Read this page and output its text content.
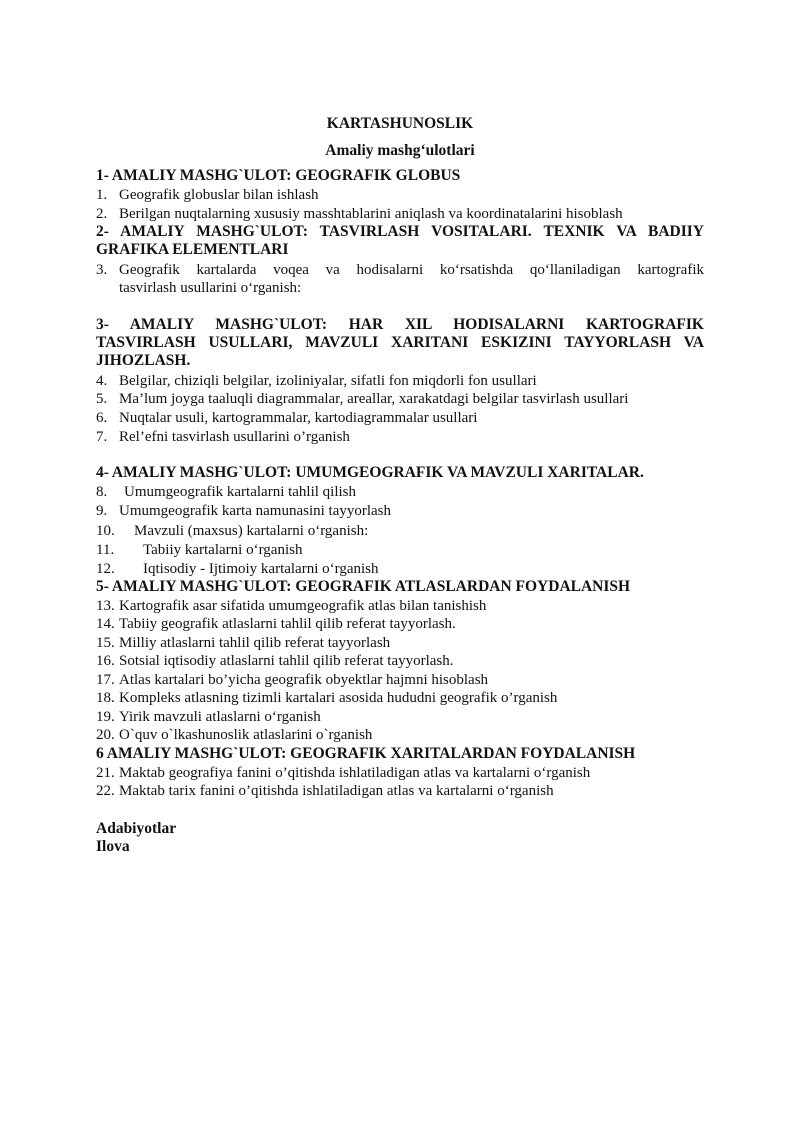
KARTASHUNOSLIK
Amaliy mashg‘ulotlari
1- AMALIY MASHG`ULOT: GEOGRAFIK GLOBUS
1. Geografik globuslar bilan ishlash
2. Berilgan nuqtalarning xususiy masshtablarini aniqlash va koordinatalarini hisoblash
2- AMALIY MASHG`ULOT: TASVIRLASH VOSITALARI. TEXNIK VA BADIIY
GRAFIKA ELEMENTLARI
3. Geografik kartalarda voqea va hodisalarni ko‘rsatishda qo‘llaniladigan kartografik
tasvirlash usullarini o‘rganish:
3- AMALIY MASHG`ULOT: HAR XIL HODISALARNI KARTOGRAFIK
TASVIRLASH USULLARI, MAVZULI XARITANI ESKIZINI TAYYORLASH VA
JIHOZLASH.
4. Belgilar, chiziqli belgilar, izoliniyalar, sifatli fon miqdorli fon usullari
5. Ma’lum joyga taaluqli diagrammalar, areallar, xarakatdagi belgilar tasvirlash usullari
6. Nuqtalar usuli, kartogrammalar, kartodiagrammalar usullari
7. Rel’efni tasvirlash usullarini o’rganish
4- AMALIY MASHG`ULOT: UMUMGEOGRAFIK VA MAVZULI XARITALAR.
8. Umumgeografik kartalarni tahlil qilish
9. Umumgeografik karta namunasini tayyorlash
10. Mavzuli (maxsus) kartalarni o‘rganish:
11. Tabiiy kartalarni o‘rganish
12. Iqtisodiy - Ijtimoiy kartalarni o‘rganish
5- AMALIY MASHG`ULOT: GEOGRAFIK ATLASLARDAN FOYDALANISH
13. Kartografik asar sifatida umumgeografik atlas bilan tanishish
14. Tabiiy geografik atlaslarni tahlil qilib referat tayyorlash.
15. Milliy atlaslarni tahlil qilib referat tayyorlash
16. Sotsial iqtisodiy atlaslarni tahlil qilib referat tayyorlash.
17. Atlas kartalari bo’yicha geografik obyektlar hajmni hisoblash
18. Kompleks atlasning tizimli kartalari asosida hududni geografik o’rganish
19. Yirik mavzuli atlaslarni o‘rganish
20. O`quv o`lkashunoslik atlaslarini o`rganish
6 AMALIY MASHG`ULOT: GEOGRAFIK XARITALARDAN FOYDALANISH
21. Maktab geografiya fanini o’qitishda ishlatiladigan atlas va kartalarni o‘rganish
22. Maktab tarix fanini o’qitishda ishlatiladigan atlas va kartalarni o‘rganish
Adabiyotlar
Ilova
